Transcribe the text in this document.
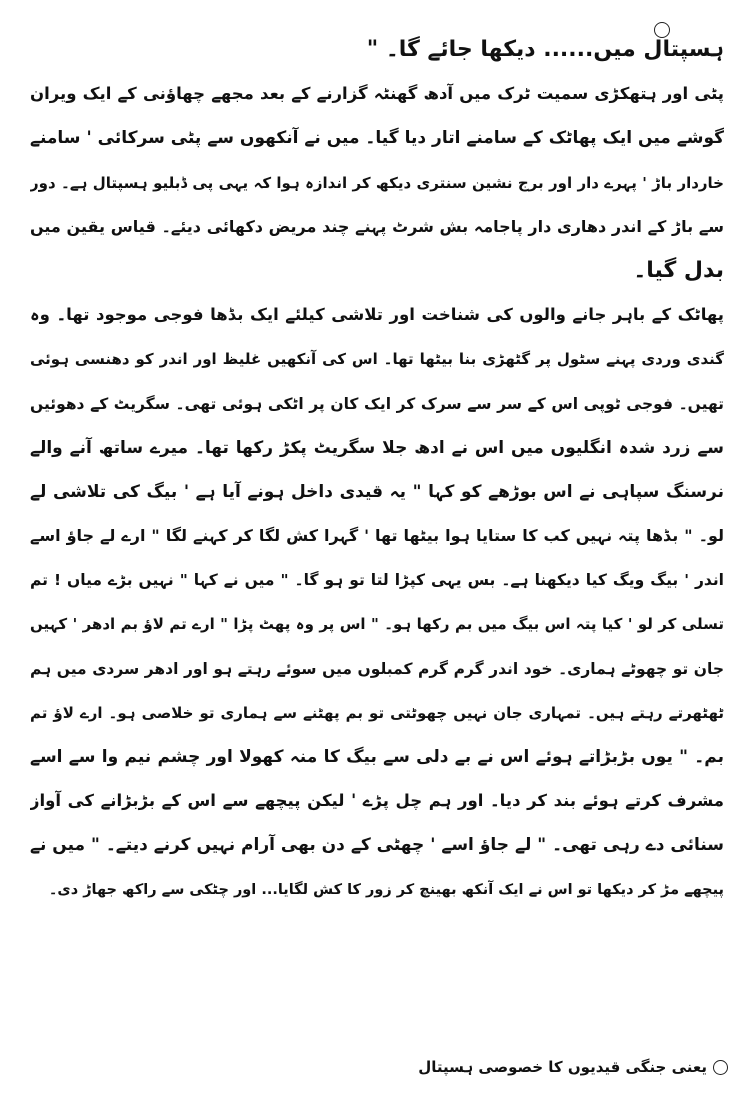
ہسپتال میں...... دیکھا جائے گا۔ "
پٹی اور ہتھکڑی سمیت ٹرک میں آدھ گھنٹہ گزارنے کے بعد مجھے چھاؤنی کے ایک ویران
گوشے میں ایک پھاٹک کے سامنے اتار دیا گیا۔ میں نے آنکھوں سے پٹی سرکائی ' سامنے
خاردار باڑ ' پہرے دار اور برج نشین سنتری دیکھ کر اندازہ ہوا کہ یہی پی ڈبلیو ہسپتال ہے۔ دور
سے باڑ کے اندر دھاری دار پاجامہ بش شرٹ پہنے چند مریض دکھائی دیئے۔ قیاس یقین میں
بدل گیا۔
پھاٹک کے باہر جانے والوں کی شناخت اور تلاشی کیلئے ایک بڈھا فوجی موجود تھا۔ وہ
گندی وردی پہنے سٹول پر گٹھڑی بنا بیٹھا تھا۔ اس کی آنکھیں غلیظ اور اندر کو دھنسی ہوئی
تھیں۔ فوجی ٹوپی اس کے سر سے سرک کر ایک کان پر اٹکی ہوئی تھی۔ سگریٹ کے دھوئیں
سے زرد شدہ انگلیوں میں اس نے ادھ جلا سگریٹ پکڑ رکھا تھا۔ میرے ساتھ آنے والے
نرسنگ سپاہی نے اس بوڑھے کو کہا " یہ قیدی داخل ہونے آیا ہے ' بیگ کی تلاشی لے
لو۔ " بڈھا پتہ نہیں کب کا ستایا ہوا بیٹھا تھا ' گہرا کش لگا کر کہنے لگا " ارے لے جاؤ اسے
اندر ' بیگ ویگ کیا دیکھنا ہے۔ بس یہی کپڑا لتا تو ہو گا۔ " میں نے کہا " نہیں بڑے میاں ! تم
تسلی کر لو ' کیا پتہ اس بیگ میں بم رکھا ہو۔ " اس پر وہ پھٹ پڑا " ارے تم لاؤ بم ادھر ' کہیں
جان تو چھوٹے ہماری۔ خود اندر گرم گرم کمبلوں میں سوئے رہتے ہو اور ادھر سردی میں ہم
ٹھٹھرتے رہتے ہیں۔ تمہاری جان نہیں چھوٹتی تو بم پھٹنے سے ہماری تو خلاصی ہو۔ ارے لاؤ تم
بم۔ " یوں بڑبڑاتے ہوئے اس نے بے دلی سے بیگ کا منہ کھولا اور چشم نیم وا سے اسے
مشرف کرتے ہوئے بند کر دیا۔ اور ہم چل پڑے ' لیکن پیچھے سے اس کے بڑبڑانے کی آواز
سنائی دے رہی تھی۔ " لے جاؤ اسے ' چھٹی کے دن بھی آرام نہیں کرنے دیتے۔ " میں نے
پیچھے مڑ کر دیکھا تو اس نے ایک آنکھ بھینچ کر زور کا کش لگایا... اور چٹکی سے راکھ جھاڑ دی۔
یعنی جنگی قیدیوں کا خصوصی ہسپتال
